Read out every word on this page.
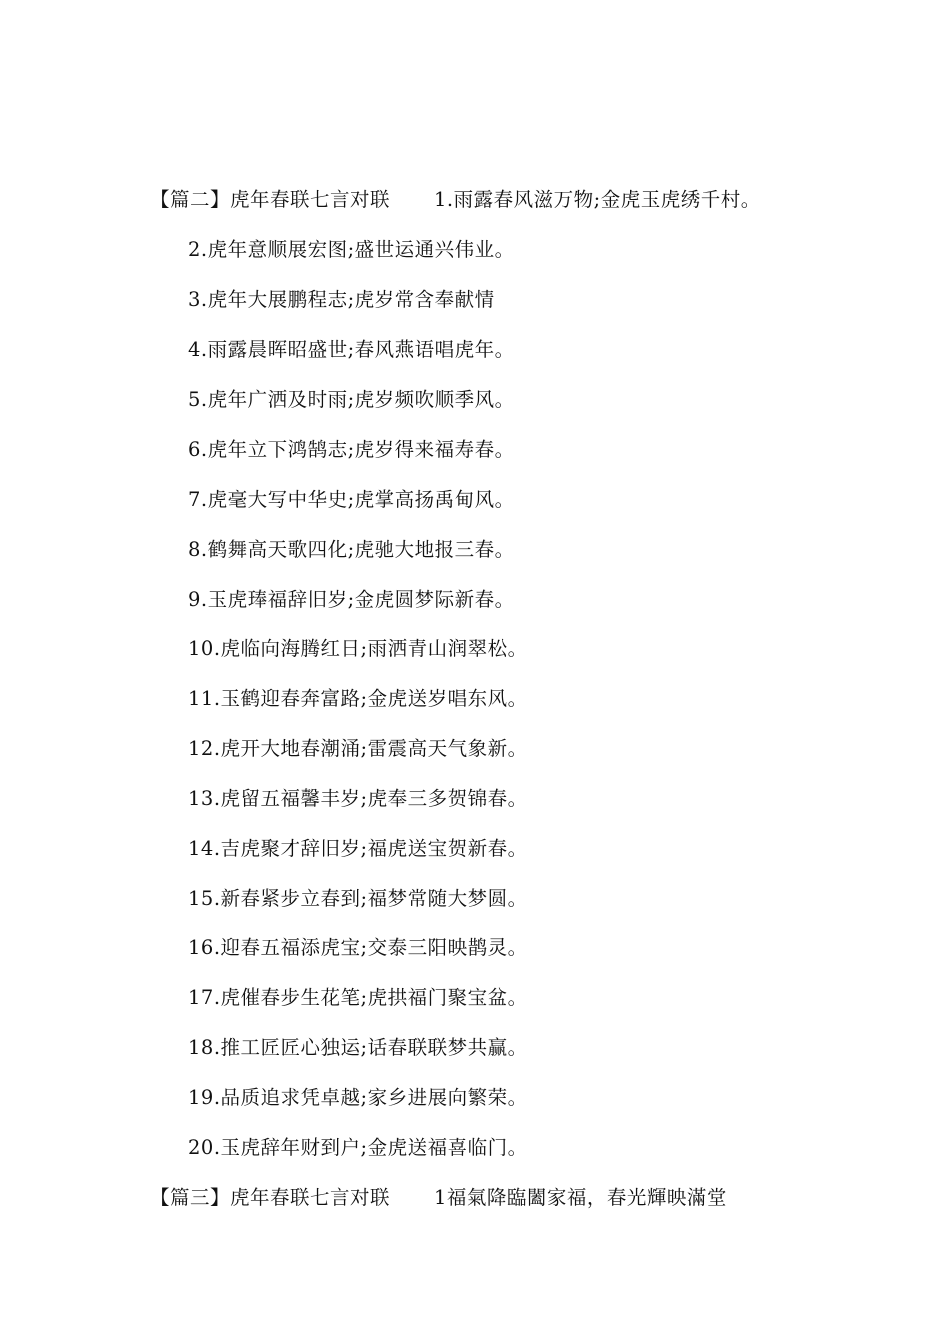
【篇二】虎年春联七言对联 1.雨露春风滋万物;金虎玉虎绣千村。
2.虎年意顺展宏图;盛世运通兴伟业。
3.虎年大展鹏程志;虎岁常含奉献情
4.雨露晨晖昭盛世;春风燕语唱虎年。
5.虎年广洒及时雨;虎岁频吹顺季风。
6.虎年立下鸿鹄志;虎岁得来福寿春。
7.虎毫大写中华史;虎掌高扬禹甸风。
8.鹤舞高天歌四化;虎驰大地报三春。
9.玉虎琫福辞旧岁;金虎圆梦际新春。
10.虎临向海腾红日;雨洒青山润翠松。
11.玉鹤迎春奔富路;金虎送岁唱东风。
12.虎开大地春潮涌;雷震高天气象新。
13.虎留五福馨丰岁;虎奉三多贺锦春。
14.吉虎聚才辞旧岁;福虎送宝贺新春。
15.新春紧步立春到;福梦常随大梦圆。
16.迎春五福添虎宝;交泰三阳映鹊灵。
17.虎催春步生花笔;虎拱福门聚宝盆。
18.推工匠匠心独运;话春联联梦共赢。
19.品质追求凭卓越;家乡进展向繁荣。
20.玉虎辞年财到户;金虎送福喜临门。
【篇三】虎年春联七言对联 1福氣降臨闔家福，春光輝映滿堂
